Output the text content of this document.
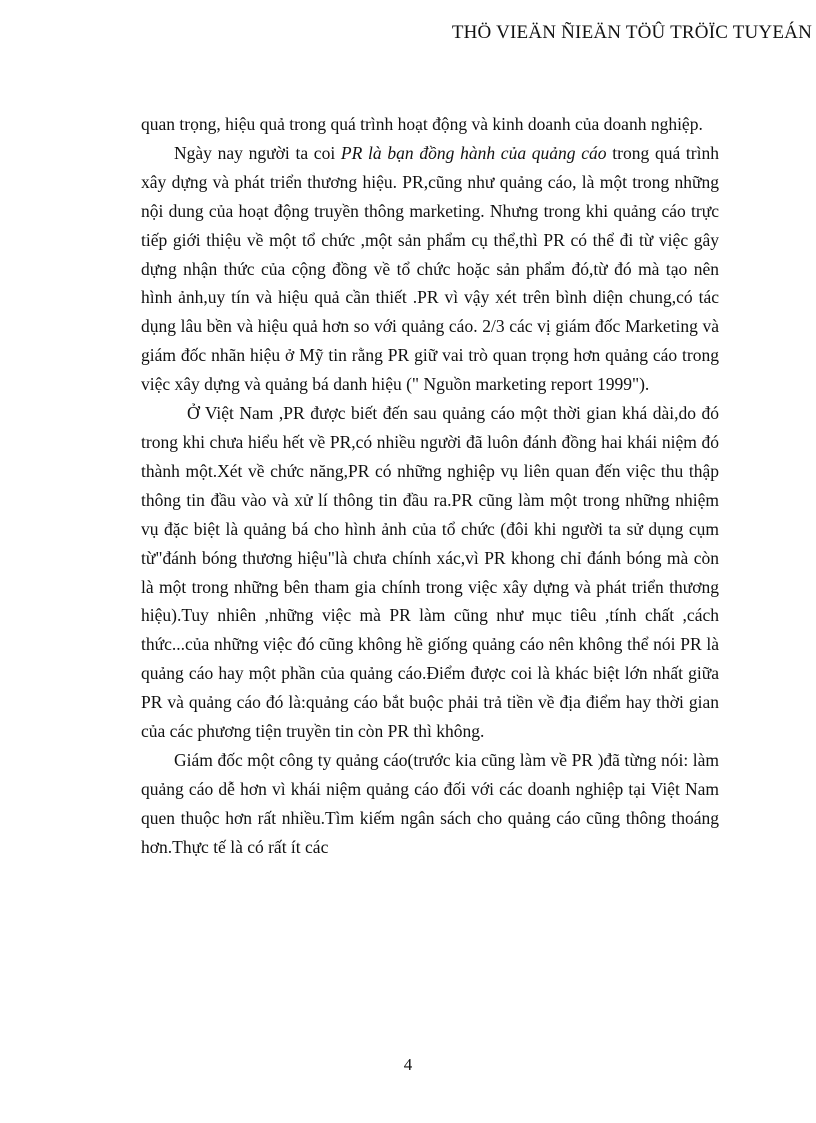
THÖ VIEÄN ÑIEÄN TÖÛ TRÖÏC TUYEÁN

quan trọng, hiệu quả trong quá trình hoạt động và kinh doanh của doanh nghiệp.

Ngày nay người ta coi PR là bạn đồng hành của quảng cáo trong quá trình xây dựng và phát triển thương hiệu. PR,cũng như quảng cáo, là một trong những nội dung của hoạt động truyền thông marketing. Nhưng trong khi quảng cáo trực tiếp giới thiệu về một tổ chức ,một sản phẩm cụ thể,thì PR có thể đi từ việc gây dựng nhận thức của cộng đồng về tổ chức hoặc sản phẩm đó,từ đó mà tạo nên hình ảnh,uy tín và hiệu quả cần thiết .PR vì vậy xét trên bình diện chung,có tác dụng lâu bền và hiệu quả hơn so với quảng cáo. 2/3 các vị giám đốc Marketing và giám đốc nhãn hiệu ở Mỹ tin rằng PR giữ vai trò quan trọng hơn quảng cáo trong việc xây dựng và quảng bá danh hiệu (" Nguồn marketing report 1999").

Ở Việt Nam ,PR được biết đến sau quảng cáo một thời gian khá dài,do đó trong khi chưa hiểu hết về PR,có nhiều người đã luôn đánh đồng hai khái niệm đó thành một.Xét về chức năng,PR có những nghiệp vụ liên quan đến việc thu thập thông tin đầu vào và xử lí thông tin đầu ra.PR cũng làm một trong những nhiệm vụ đặc biệt là quảng bá cho hình ảnh của tổ chức (đôi khi người ta sử dụng cụm từ"đánh bóng thương hiệu"là chưa chính xác,vì PR khong chỉ đánh bóng mà còn là một trong những bên tham gia chính trong việc xây dựng và phát triển thương hiệu).Tuy nhiên ,những việc mà PR làm cũng như mục tiêu ,tính chất ,cách thức...của những việc đó cũng không hề giống quảng cáo nên không thể nói PR là quảng cáo hay một phần của quảng cáo.Điểm được coi là khác biệt lớn nhất giữa PR và quảng cáo đó là:quảng cáo bắt buộc phải trả tiền về địa điểm hay thời gian của các phương tiện truyền tin còn PR thì không.

Giám đốc một công ty quảng cáo(trước kia cũng làm về PR )đã từng nói: làm quảng cáo dễ hơn vì khái niệm quảng cáo đối với các doanh nghiệp tại Việt Nam quen thuộc hơn rất nhiều.Tìm kiếm ngân sách cho quảng cáo cũng thông thoáng hơn.Thực tế là có rất ít các

4
